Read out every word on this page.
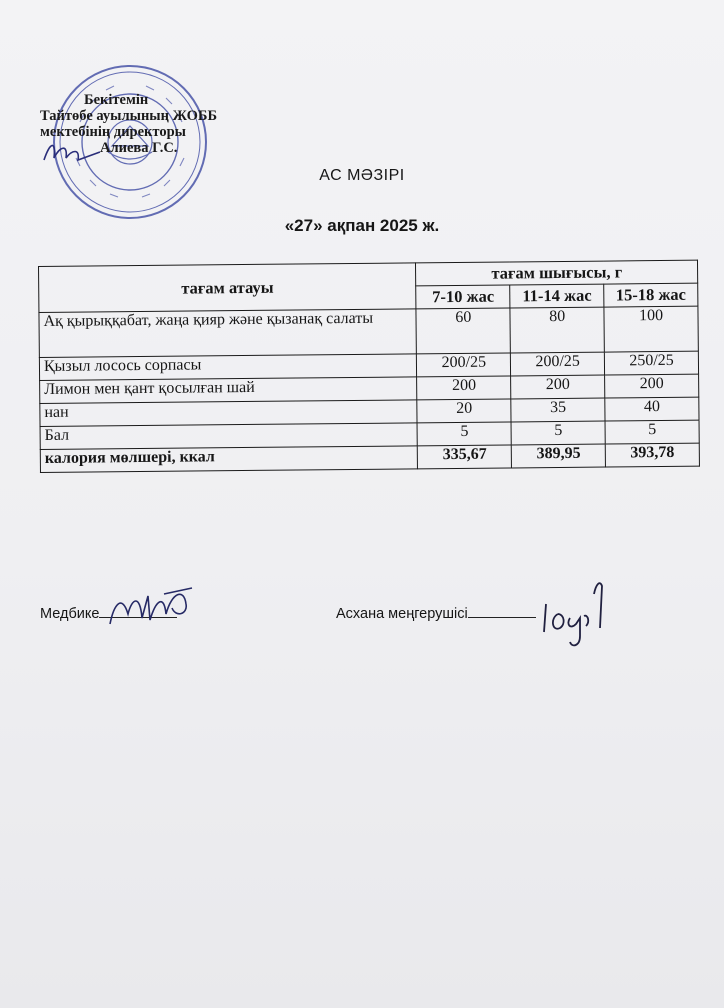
Бекітемін
Тайтөбе ауылының ЖОББ
мектебінің директоры
Алиева Г.С.
АС МӘЗІРІ
«27» ақпан 2025 ж.
тағам атауы	тағам шығысы, г		
	7-10 жас	11-14 жас	15-18 жас
Ақ қырыққабат, жаңа қияр және қызанақ салаты	60	80	100
Қызыл лосось сорпасы	200/25	200/25	250/25
Лимон мен қант қосылған шай	200	200	200
нан	20	35	40
Бал	5	5	5
калория мөлшері, ккал	335,67	389,95	393,78
Медбике	Асхана меңгерушісі
